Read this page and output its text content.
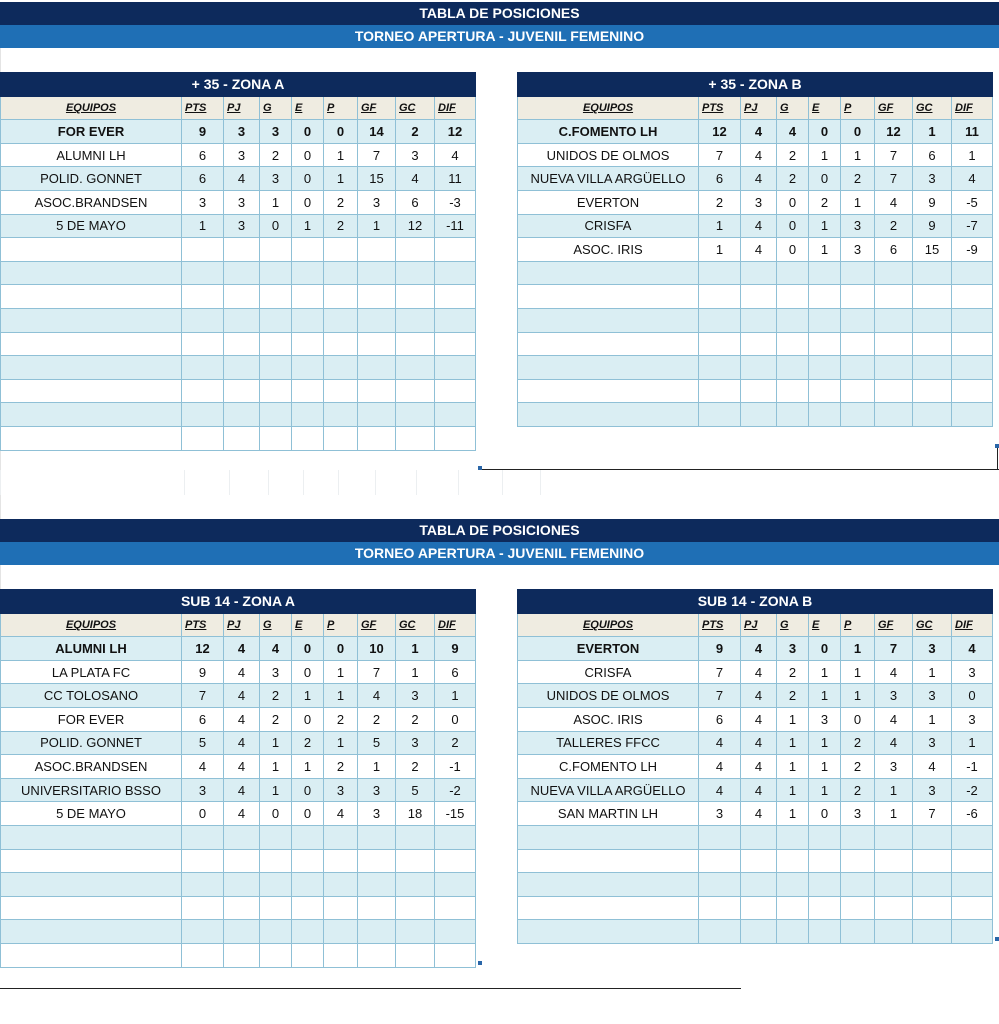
TABLA DE POSICIONES
TORNEO APERTURA - JUVENIL FEMENINO
TABLA DE POSICIONES
TORNEO APERTURA - JUVENIL FEMENINO
+ 35 - ZONA A								
EQUIPOS	PTS	PJ	G	E	P	GF	GC	DIF
FOR EVER	9	3	3	0	0	14	2	12
ALUMNI LH	6	3	2	0	1	7	3	4
POLID. GONNET	6	4	3	0	1	15	4	11
ASOC.BRANDSEN	3	3	1	0	2	3	6	-3
5 DE MAYO	1	3	0	1	2	1	12	-11

+ 35 - ZONA B								
EQUIPOS	PTS	PJ	G	E	P	GF	GC	DIF
C.FOMENTO LH	12	4	4	0	0	12	1	11
UNIDOS DE OLMOS	7	4	2	1	1	7	6	1
NUEVA VILLA ARGÜELLO	6	4	2	0	2	7	3	4
EVERTON	2	3	0	2	1	4	9	-5
CRISFA	1	4	0	1	3	2	9	-7
ASOC. IRIS	1	4	0	1	3	6	15	-9

SUB 14 - ZONA A								
EQUIPOS	PTS	PJ	G	E	P	GF	GC	DIF
ALUMNI LH	12	4	4	0	0	10	1	9
LA PLATA FC	9	4	3	0	1	7	1	6
CC TOLOSANO	7	4	2	1	1	4	3	1
FOR EVER	6	4	2	0	2	2	2	0
POLID. GONNET	5	4	1	2	1	5	3	2
ASOC.BRANDSEN	4	4	1	1	2	1	2	-1
UNIVERSITARIO BSSO	3	4	1	0	3	3	5	-2
5 DE MAYO	0	4	0	0	4	3	18	-15

SUB 14 - ZONA B								
EQUIPOS	PTS	PJ	G	E	P	GF	GC	DIF
EVERTON	9	4	3	0	1	7	3	4
CRISFA	7	4	2	1	1	4	1	3
UNIDOS DE OLMOS	7	4	2	1	1	3	3	0
ASOC. IRIS	6	4	1	3	0	4	1	3
TALLERES FFCC	4	4	1	1	2	4	3	1
C.FOMENTO LH	4	4	1	1	2	3	4	-1
NUEVA VILLA ARGÜELLO	4	4	1	1	2	1	3	-2
SAN MARTIN LH	3	4	1	0	3	1	7	-6
